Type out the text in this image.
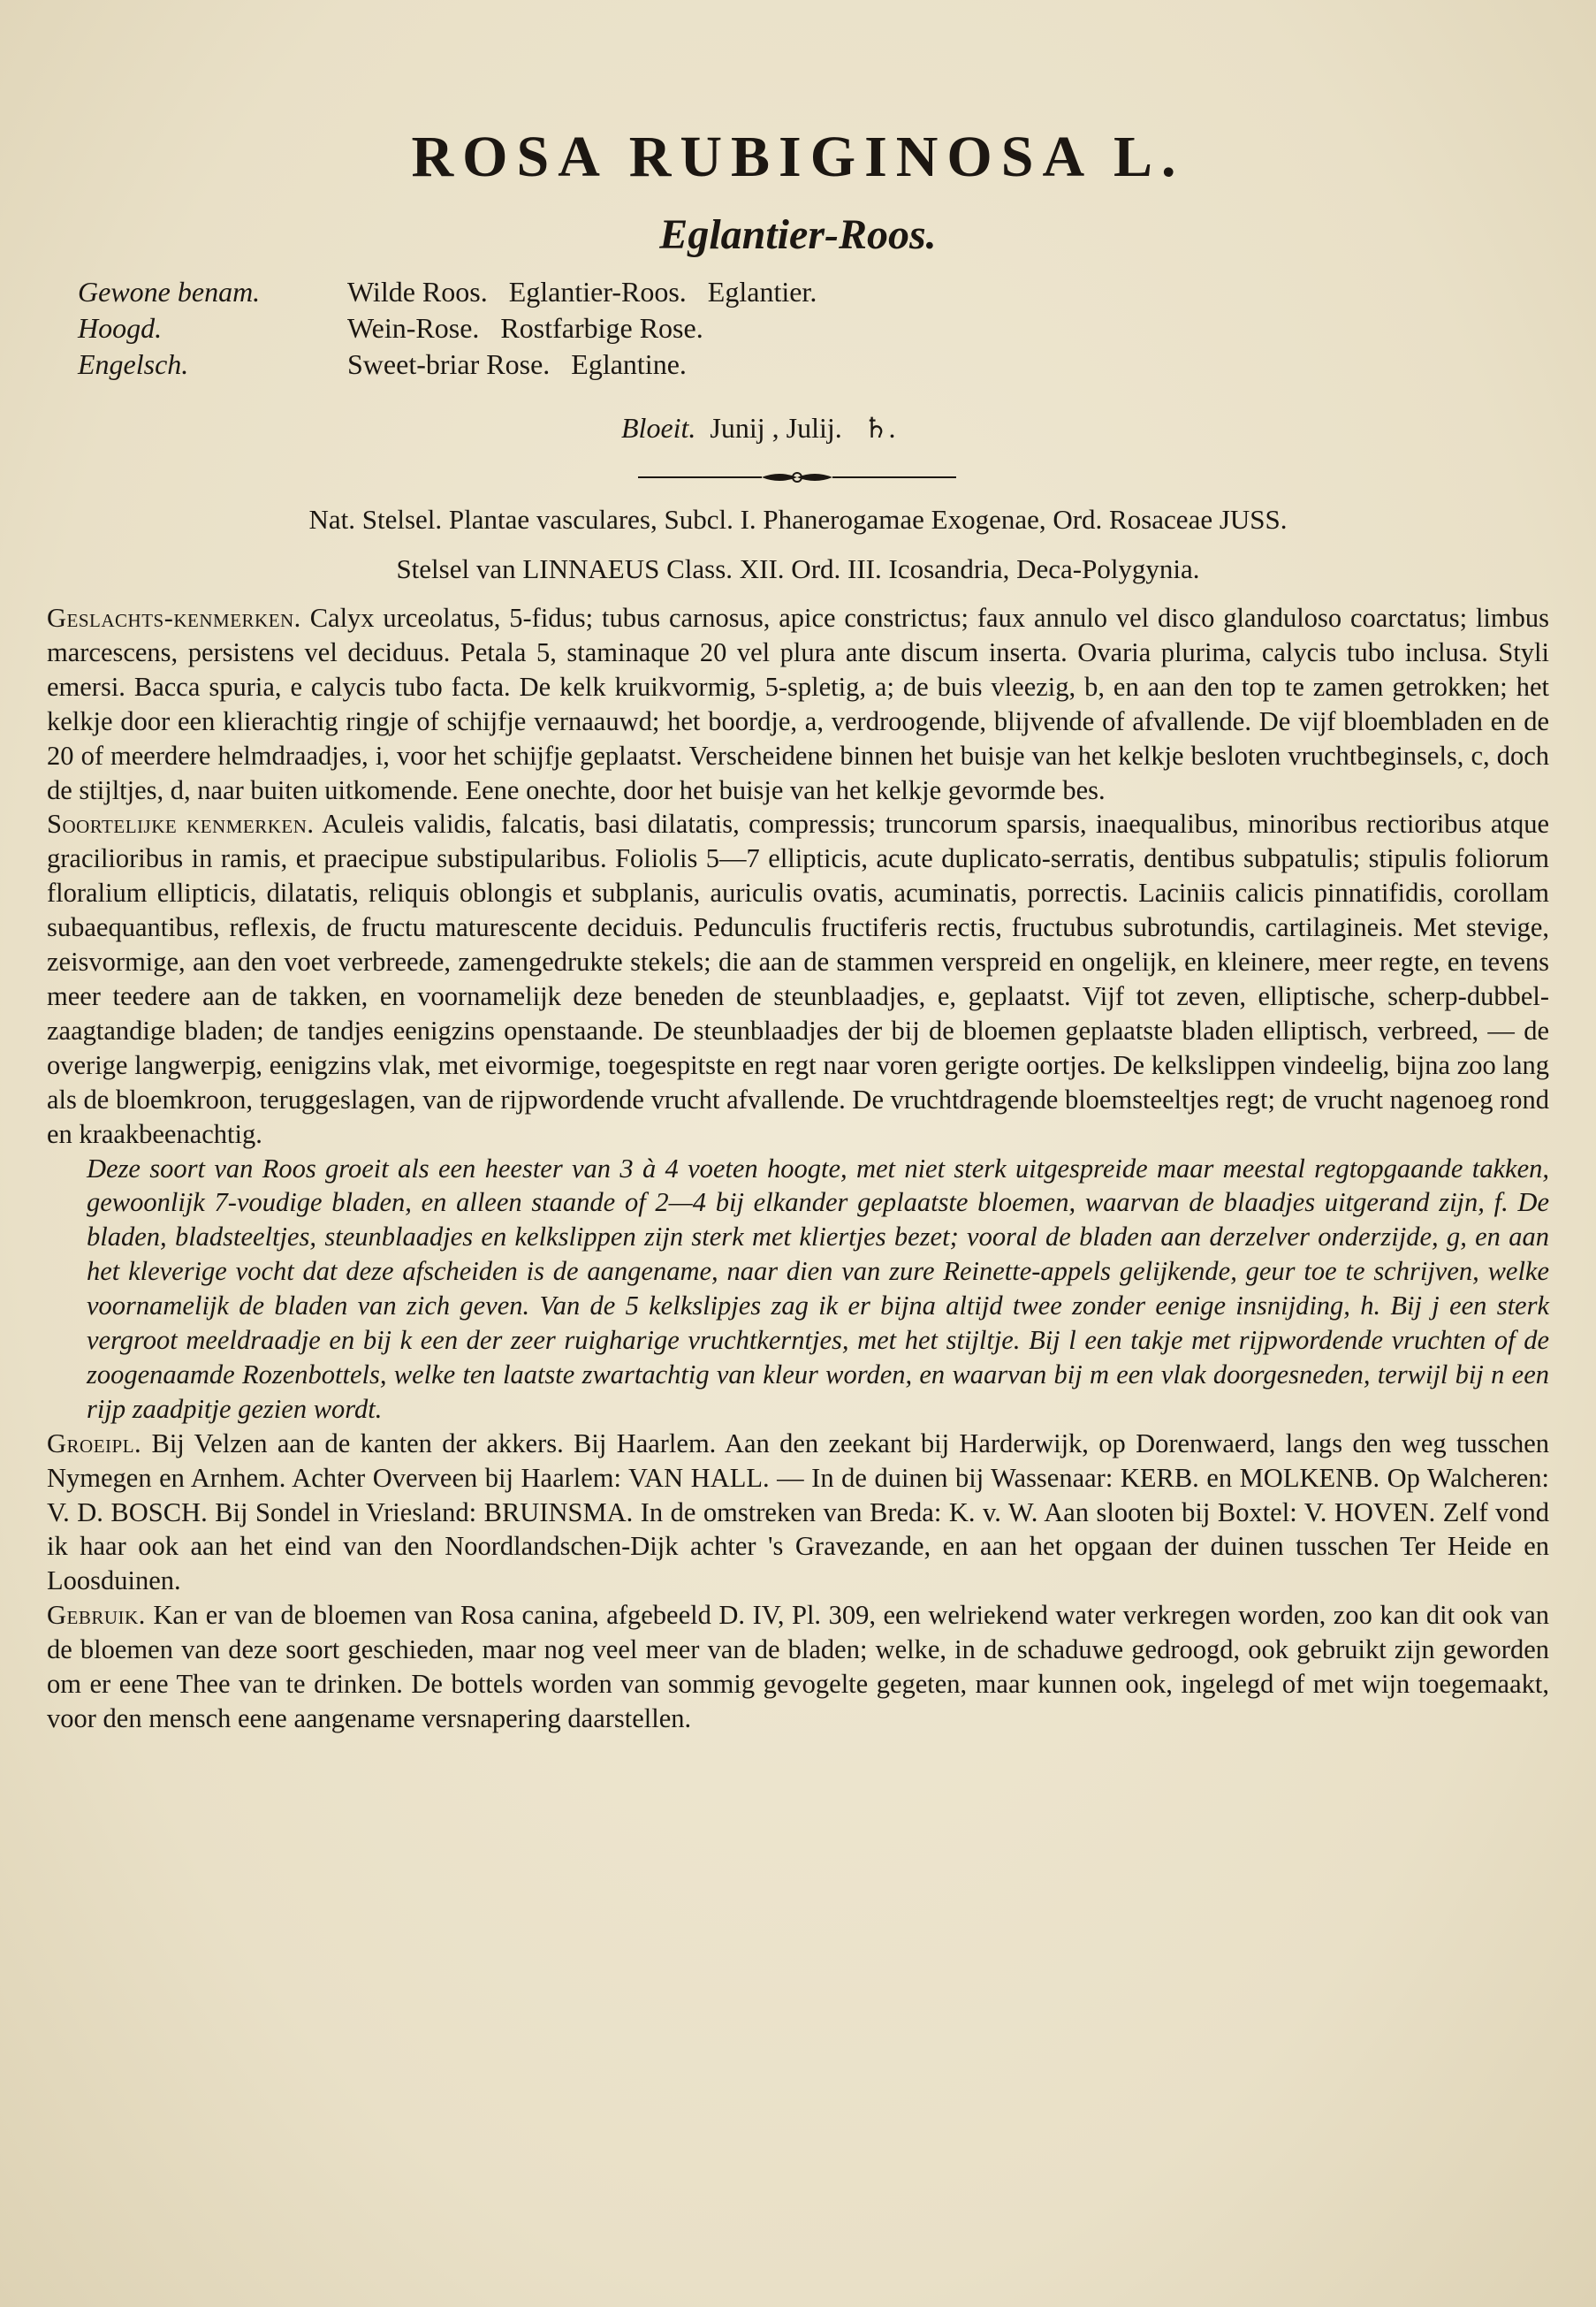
ROSA RUBIGINOSA L.
Eglantier-Roos.
Gewone benam.	Wilde Roos.   Eglantier-Roos.   Eglantier.
Hoogd.	Wein-Rose.   Rostfarbige Rose.
Engelsch.	Sweet-briar Rose.   Eglantine.
Bloeit. Junij , Julij.   ♄.
Nat. Stelsel. Plantae vasculares, Subcl. I. Phanerogamae Exogenae, Ord. Rosaceae JUSS.
Stelsel van LINNAEUS Class. XII. Ord. III. Icosandria, Deca-Polygynia.

Geslachts-kenmerken. Calyx urceolatus, 5-fidus; tubus carnosus, apice constrictus; faux annulo vel disco glanduloso coarctatus; limbus marcescens, persistens vel deciduus. Petala 5, staminaque 20 vel plura ante discum inserta. Ovaria plurima, calycis tubo inclusa. Styli emersi. Bacca spuria, e calycis tubo facta. De kelk kruikvormig, 5-spletig, a; de buis vleezig, b, en aan den top te zamen getrokken; het kelkje door een klierachtig ringje of schijfje vernaauwd; het boordje, a, verdroogende, blijvende of afvallende. De vijf bloembladen en de 20 of meerdere helmdraadjes, i, voor het schijfje geplaatst. Verscheidene binnen het buisje van het kelkje besloten vruchtbeginsels, c, doch de stijltjes, d, naar buiten uitkomende. Eene onechte, door het buisje van het kelkje gevormde bes.

Soortelijke kenmerken. Aculeis validis, falcatis, basi dilatatis, compressis; truncorum sparsis, inaequalibus, minoribus rectioribus atque gracilioribus in ramis, et praecipue substipularibus. Foliolis 5—7 ellipticis, acute duplicato-serratis, dentibus subpatulis; stipulis foliorum floralium ellipticis, dilatatis, reliquis oblongis et subplanis, auriculis ovatis, acuminatis, porrectis. Laciniis calicis pinnatifidis, corollam subaequantibus, reflexis, de fructu maturescente deciduis. Pedunculis fructiferis rectis, fructubus subrotundis, cartilagineis. Met stevige, zeisvormige, aan den voet verbreede, zamengedrukte stekels; die aan de stammen verspreid en ongelijk, en kleinere, meer regte, en tevens meer teedere aan de takken, en voornamelijk deze beneden de steunblaadjes, e, geplaatst. Vijf tot zeven, elliptische, scherp-dubbel-zaagtandige bladen; de tandjes eenigzins openstaande. De steunblaadjes der bij de bloemen geplaatste bladen elliptisch, verbreed, — de overige langwerpig, eenigzins vlak, met eivormige, toegespitste en regt naar voren gerigte oortjes. De kelkslippen vindeelig, bijna zoo lang als de bloemkroon, teruggeslagen, van de rijpwordende vrucht afvallende. De vruchtdragende bloemsteeltjes regt; de vrucht nagenoeg rond en kraakbeenachtig.

Deze soort van Roos groeit als een heester van 3 à 4 voeten hoogte, met niet sterk uitgespreide maar meestal regtopgaande takken, gewoonlijk 7-voudige bladen, en alleen staande of 2—4 bij elkander geplaatste bloemen, waarvan de blaadjes uitgerand zijn, f. De bladen, bladsteeltjes, steunblaadjes en kelkslippen zijn sterk met kliertjes bezet; vooral de bladen aan derzelver onderzijde, g, en aan het kleverige vocht dat deze afscheiden is de aangename, naar dien van zure Reinette-appels gelijkende, geur toe te schrijven, welke voornamelijk de bladen van zich geven. Van de 5 kelkslipjes zag ik er bijna altijd twee zonder eenige insnijding, h. Bij j een sterk vergroot meeldraadje en bij k een der zeer ruigharige vruchtkerntjes, met het stijltje. Bij l een takje met rijpwordende vruchten of de zoogenaamde Rozenbottels, welke ten laatste zwartachtig van kleur worden, en waarvan bij m een vlak doorgesneden, terwijl bij n een rijp zaadpitje gezien wordt.

Groeipl. Bij Velzen aan de kanten der akkers. Bij Haarlem. Aan den zeekant bij Harderwijk, op Dorenwaerd, langs den weg tusschen Nymegen en Arnhem. Achter Overveen bij Haarlem: VAN HALL. — In de duinen bij Wassenaar: KERB. en MOLKENB. Op Walcheren: V. D. BOSCH. Bij Sondel in Vriesland: BRUINSMA. In de omstreken van Breda: K. v. W. Aan slooten bij Boxtel: V. HOVEN. Zelf vond ik haar ook aan het eind van den Noordlandschen-Dijk achter 's Gravezande, en aan het opgaan der duinen tusschen Ter Heide en Loosduinen.

Gebruik. Kan er van de bloemen van Rosa canina, afgebeeld D. IV, Pl. 309, een welriekend water verkregen worden, zoo kan dit ook van de bloemen van deze soort geschieden, maar nog veel meer van de bladen; welke, in de schaduwe gedroogd, ook gebruikt zijn geworden om er eene Thee van te drinken. De bottels worden van sommig gevogelte gegeten, maar kunnen ook, ingelegd of met wijn toegemaakt, voor den mensch eene aangename versnapering daarstellen.
